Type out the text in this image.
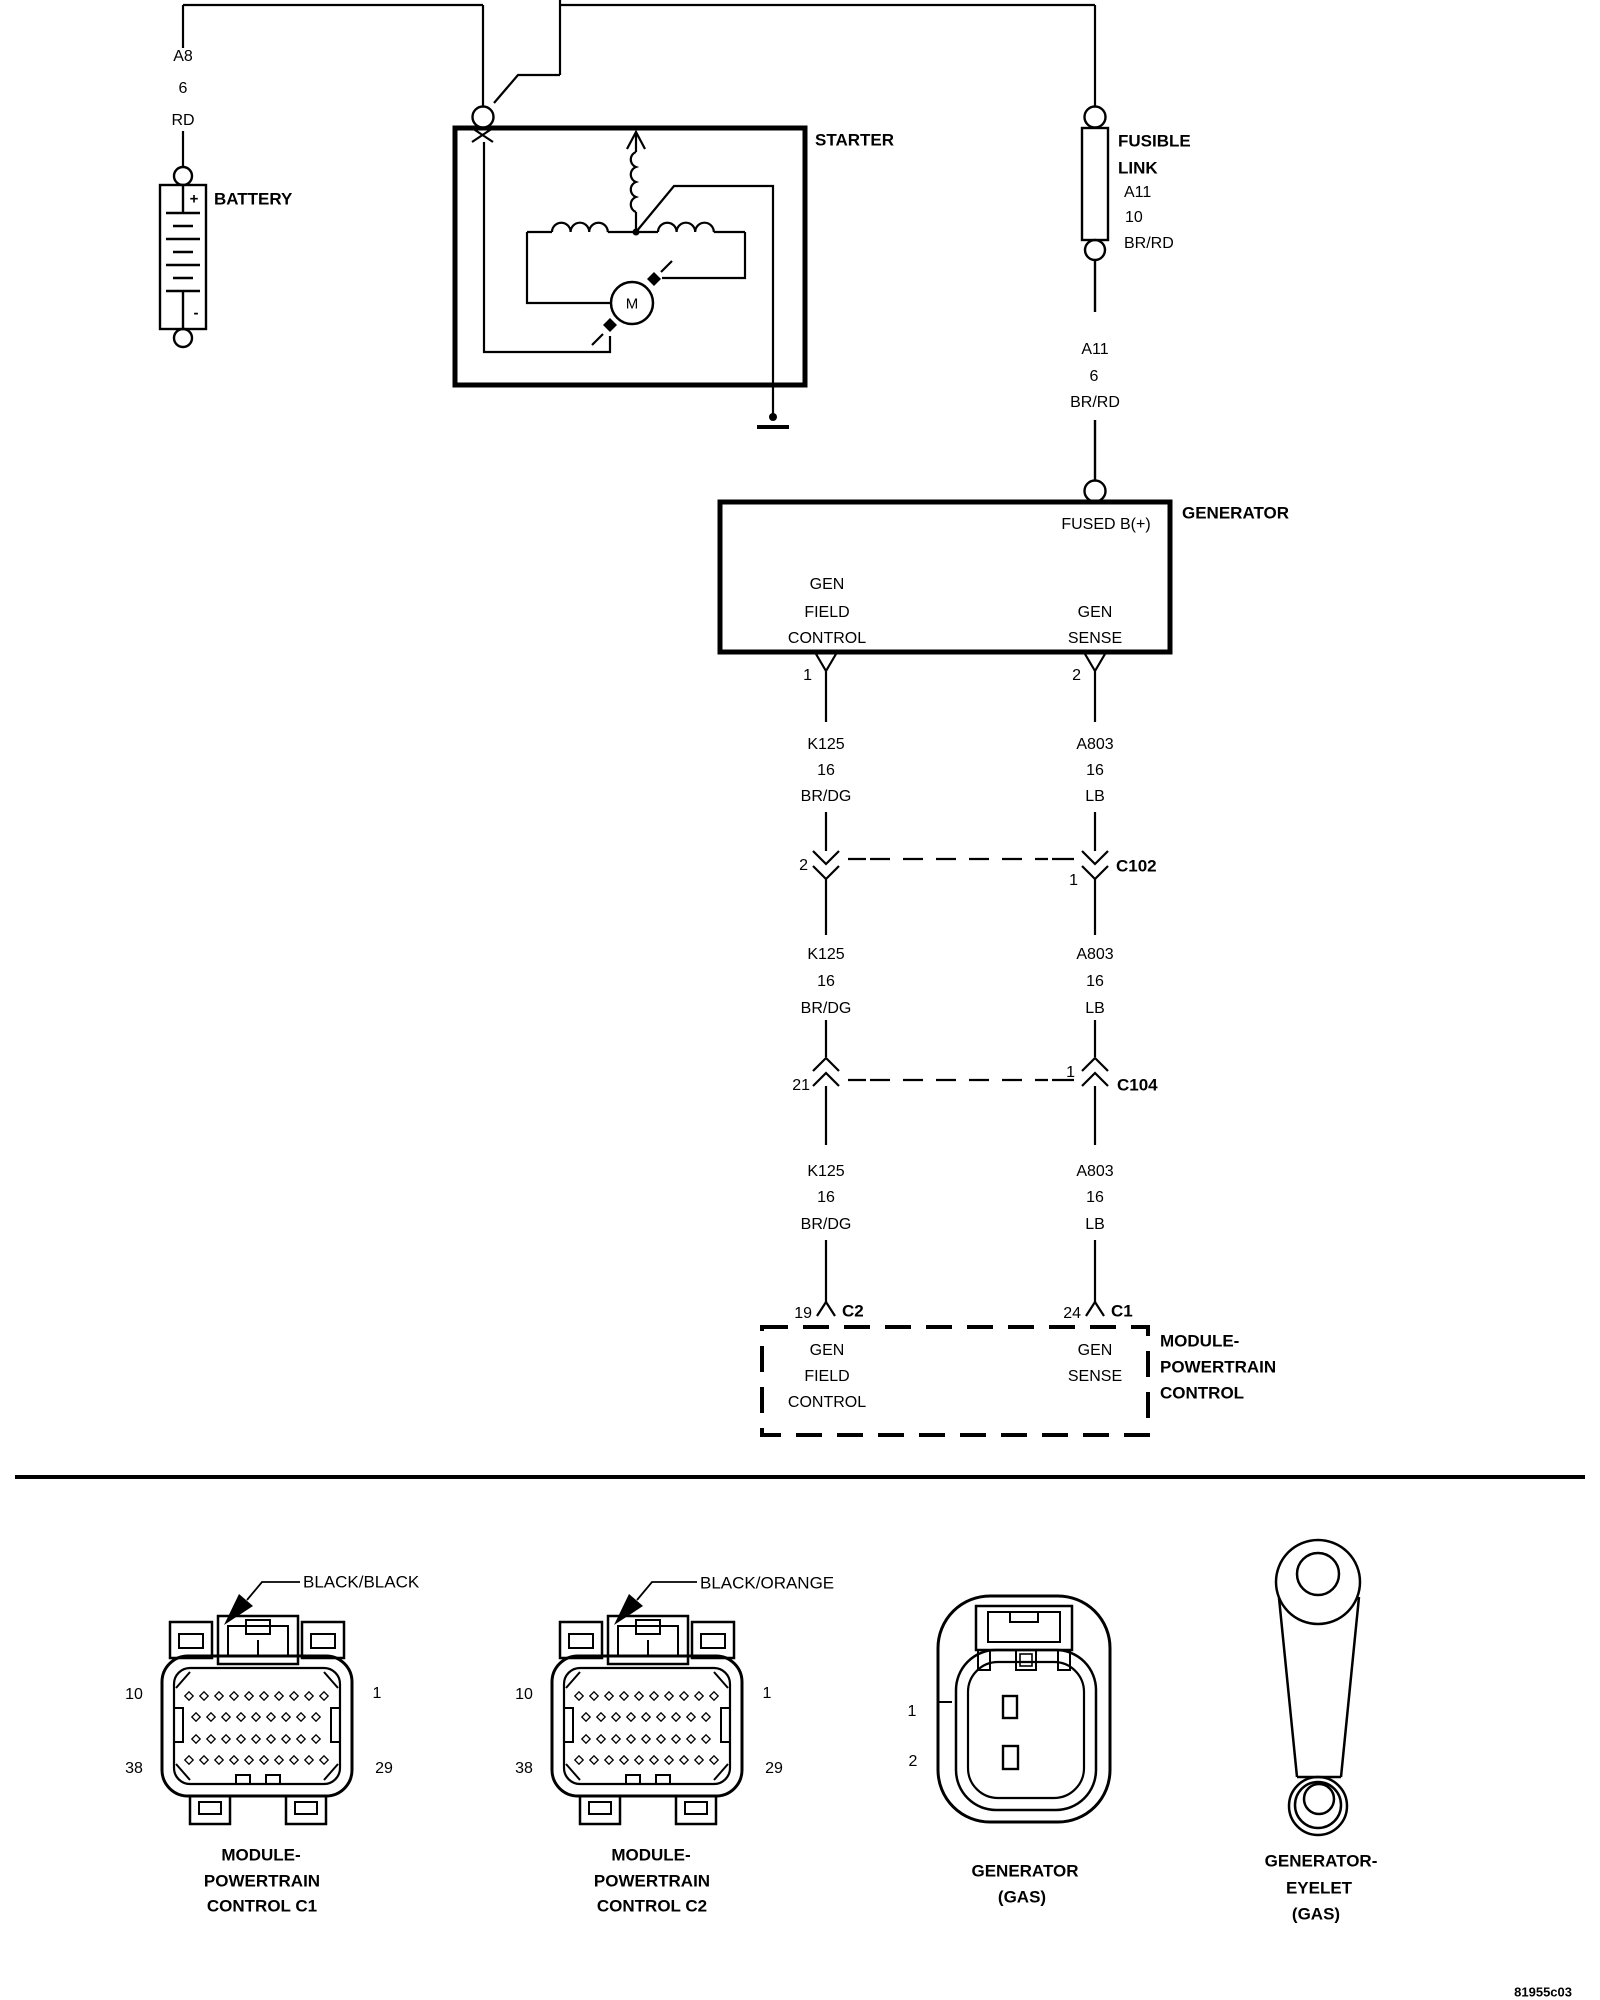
A8
6
RD
BATTERY
+
-
STARTER
M
FUSIBLE
LINK
A11
10
BR/RD
A11
6
BR/RD
GENERATOR
FUSED B(+)
GEN
FIELD
CONTROL
GEN
SENSE
1	2
K125
16
BR/DG
A803
16
LB
2
1
C102
K125
16
BR/DG
A803
16
LB
21
1
C104
K125
16
BR/DG
A803
16
LB
19 C2	24 C1
GEN
FIELD
CONTROL
GEN
SENSE
MODULE-
POWERTRAIN
CONTROL
BLACK/BLACK
10	1
38	29
MODULE-
POWERTRAIN
CONTROL C1
BLACK/ORANGE
10	1
38	29
MODULE-
POWERTRAIN
CONTROL C2
1
2
GENERATOR
(GAS)
GENERATOR-
EYELET
(GAS)
81955c03
